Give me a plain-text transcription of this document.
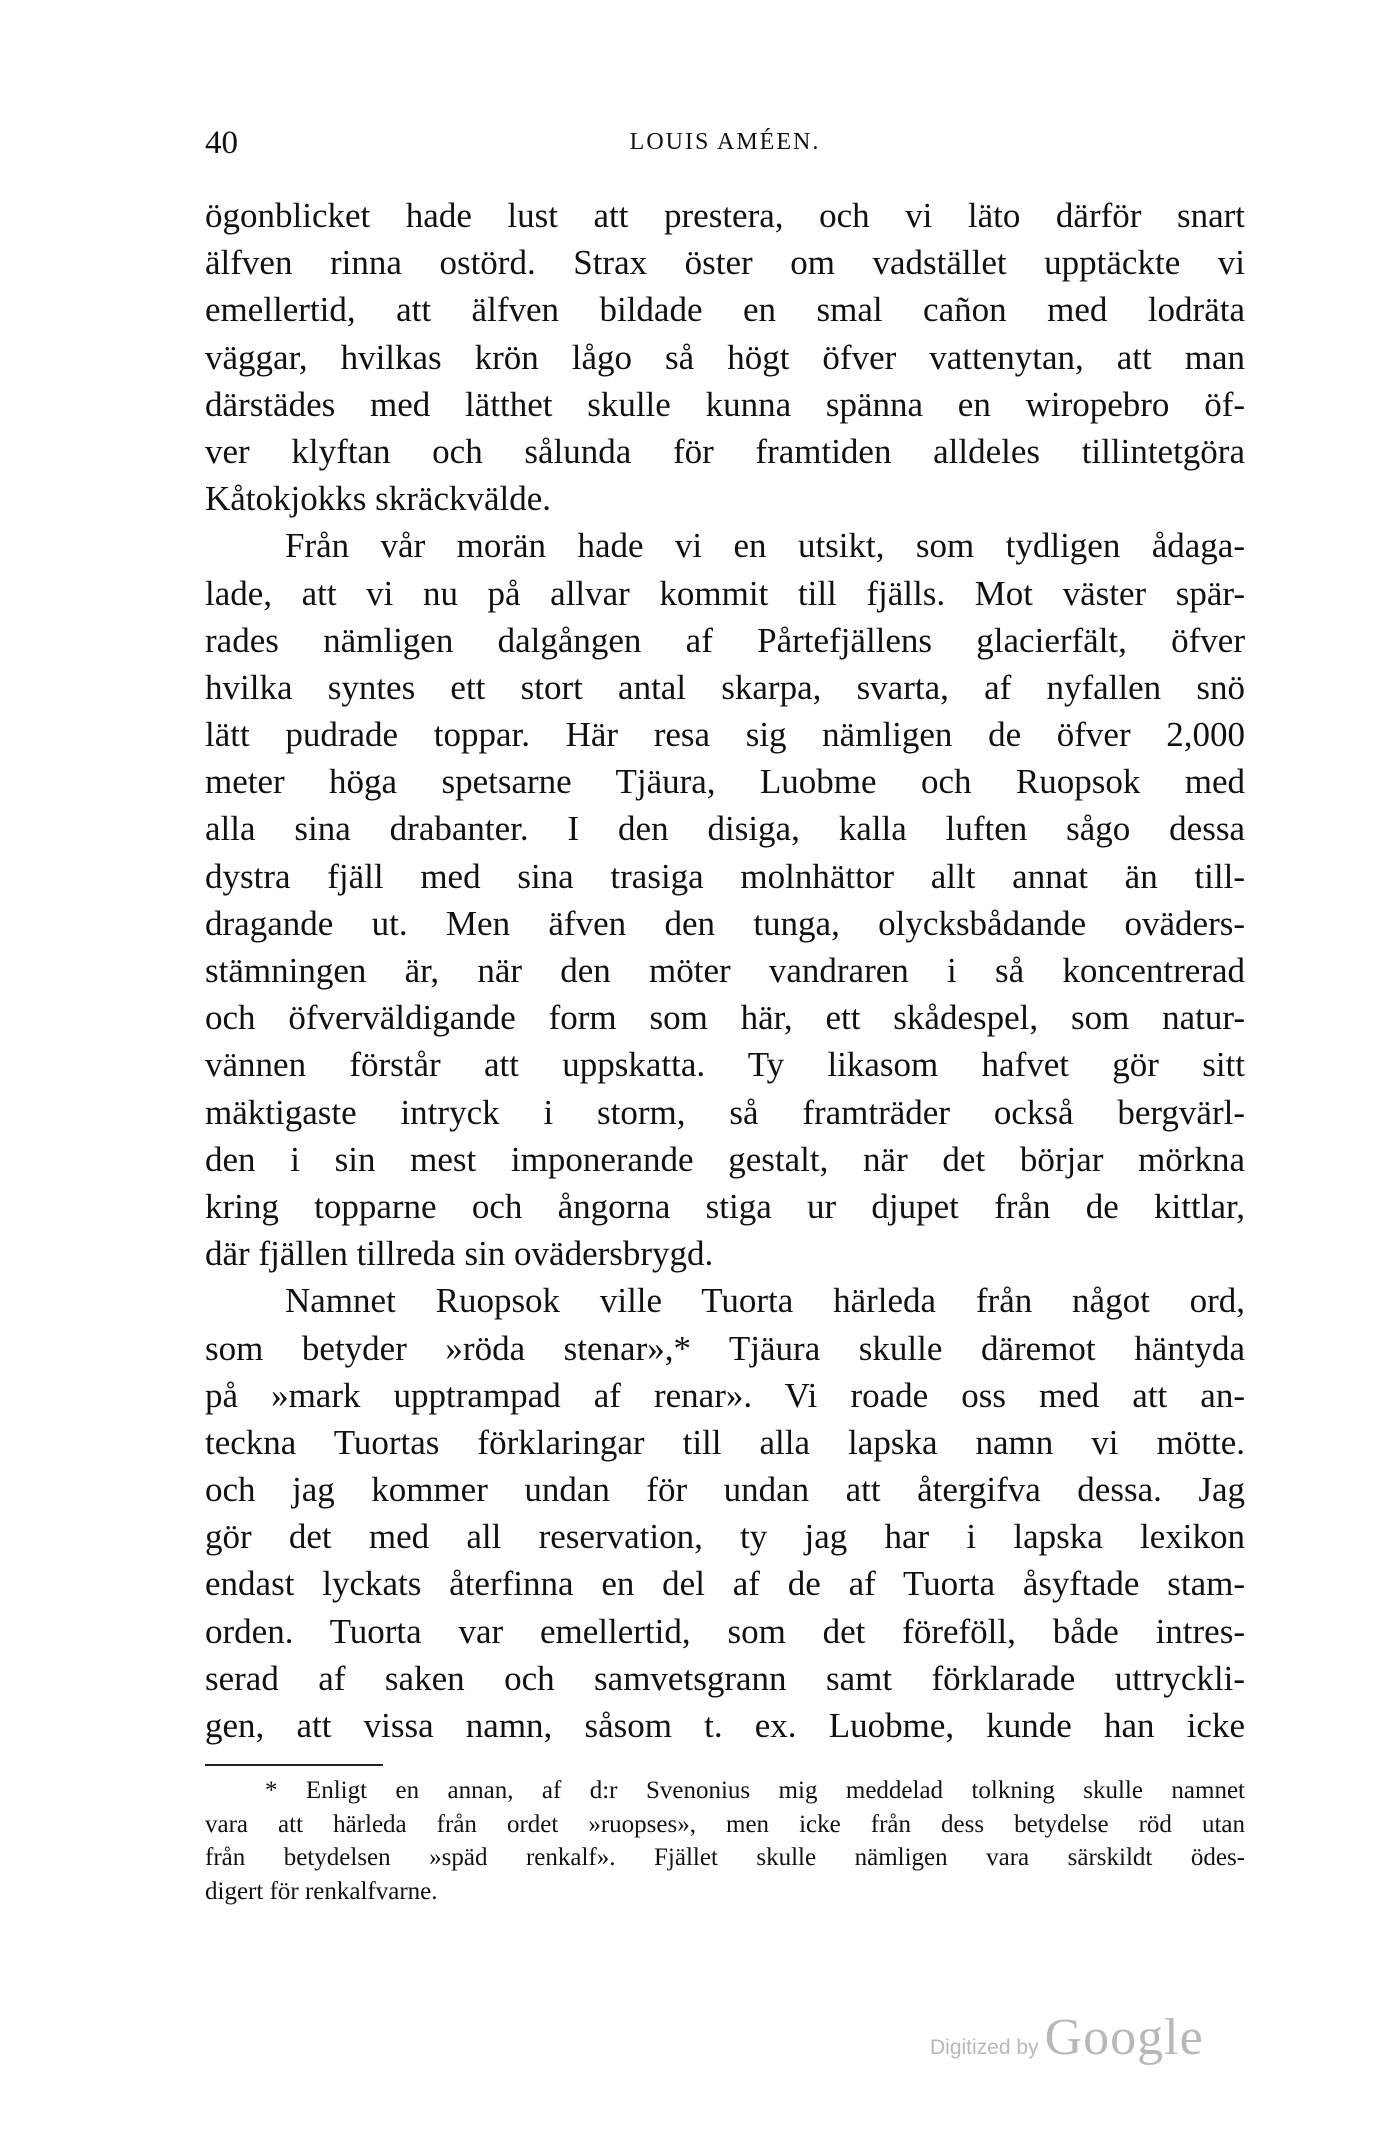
40	LOUIS AMÉEN.
ögonblicket hade lust att prestera, och vi läto därför snart
älfven rinna ostörd. Strax öster om vadstället upptäckte vi
emellertid, att älfven bildade en smal cañon med lodräta
väggar, hvilkas krön lågo så högt öfver vattenytan, att man
därstädes med lätthet skulle kunna spänna en wiropebro öf-
ver klyftan och sålunda för framtiden alldeles tillintetgöra
Kåtokjokks skräckvälde.
Från vår morän hade vi en utsikt, som tydligen ådaga-
lade, att vi nu på allvar kommit till fjälls. Mot väster spär-
rades nämligen dalgången af Pårtefjällens glacierfält, öfver
hvilka syntes ett stort antal skarpa, svarta, af nyfallen snö
lätt pudrade toppar. Här resa sig nämligen de öfver 2,000
meter höga spetsarne Tjäura, Luobme och Ruopsok med
alla sina drabanter. I den disiga, kalla luften sågo dessa
dystra fjäll med sina trasiga molnhättor allt annat än till-
dragande ut. Men äfven den tunga, olycksbådande oväders-
stämningen är, när den möter vandraren i så koncentrerad
och öfverväldigande form som här, ett skådespel, som natur-
vännen förstår att uppskatta. Ty likasom hafvet gör sitt
mäktigaste intryck i storm, så framträder också bergvärl-
den i sin mest imponerande gestalt, när det börjar mörkna
kring topparne och ångorna stiga ur djupet från de kittlar,
där fjällen tillreda sin ovädersbrygd.
Namnet Ruopsok ville Tuorta härleda från något ord,
som betyder »röda stenar»,* Tjäura skulle däremot häntyda
på »mark upptrampad af renar». Vi roade oss med att an-
teckna Tuortas förklaringar till alla lapska namn vi mötte.
och jag kommer undan för undan att återgifva dessa. Jag
gör det med all reservation, ty jag har i lapska lexikon
endast lyckats återfinna en del af de af Tuorta åsyftade stam-
orden. Tuorta var emellertid, som det föreföll, både intres-
serad af saken och samvetsgrann samt förklarade uttryckli-
gen, att vissa namn, såsom t. ex. Luobme, kunde han icke
* Enligt en annan, af d:r Svenonius mig meddelad tolkning skulle namnet
vara att härleda från ordet »ruopses», men icke från dess betydelse röd utan
från betydelsen »späd renkalf». Fjället skulle nämligen vara särskildt ödes-
digert för renkalfvarne.
Digitized by Google
